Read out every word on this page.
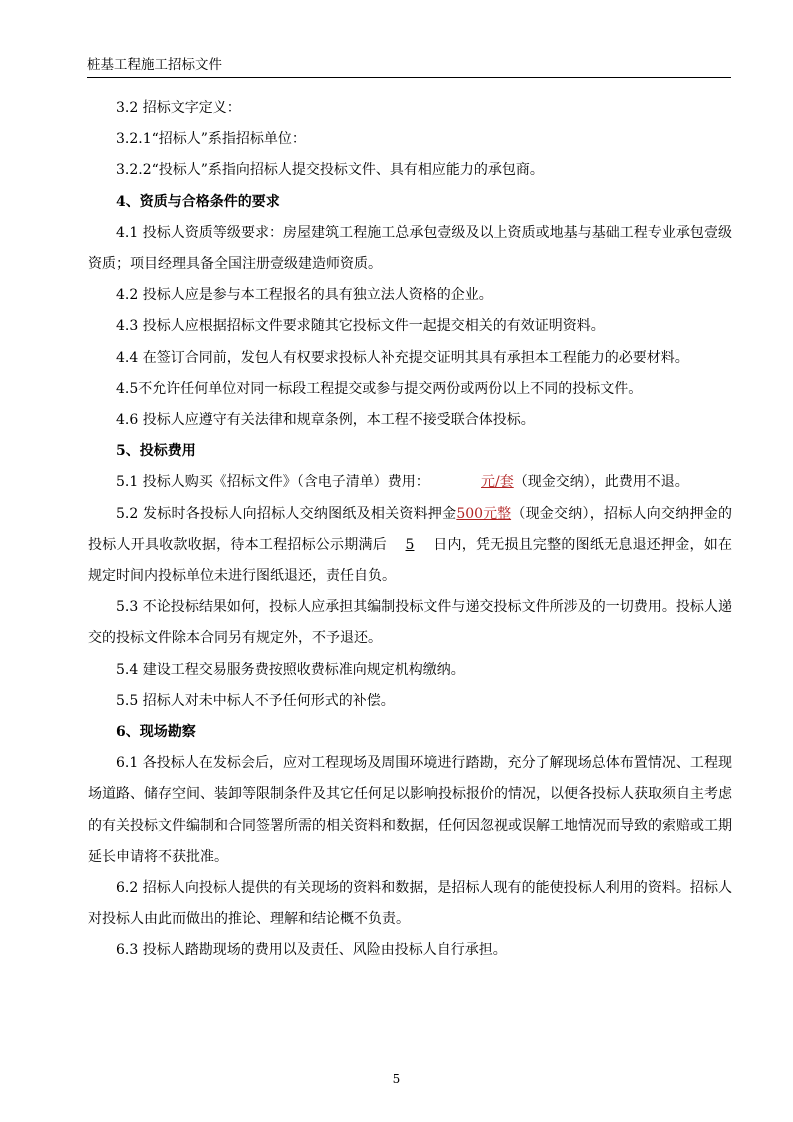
桩基工程施工招标文件

3.2 招标文字定义：

3.2.1“招标人”系指招标单位：

3.2.2“投标人”系指向招标人提交投标文件、具有相应能力的承包商。

4、资质与合格条件的要求

4.1 投标人资质等级要求：房屋建筑工程施工总承包壹级及以上资质或地基与基础工程专业承包壹级资质；项目经理具备全国注册壹级建造师资质。

4.2 投标人应是参与本工程报名的具有独立法人资格的企业。

4.3 投标人应根据招标文件要求随其它投标文件一起提交相关的有效证明资料。

4.4 在签订合同前，发包人有权要求投标人补充提交证明其具有承担本工程能力的必要材料。

4.5不允许任何单位对同一标段工程提交或参与提交两份或两份以上不同的投标文件。

4.6 投标人应遵守有关法律和规章条例，本工程不接受联合体投标。

5、投标费用

5.1 投标人购买《招标文件》（含电子清单）费用：	元/套（现金交纳），此费用不退。

5.2 发标时各投标人向招标人交纳图纸及相关资料押金500元整（现金交纳），招标人向交纳押金的投标人开具收款收据，待本工程招标公示期满后 5 日内，凭无损且完整的图纸无息退还押金，如在规定时间内投标单位未进行图纸退还，责任自负。

5.3 不论投标结果如何，投标人应承担其编制投标文件与递交投标文件所涉及的一切费用。投标人递交的投标文件除本合同另有规定外，不予退还。

5.4 建设工程交易服务费按照收费标准向规定机构缴纳。

5.5 招标人对未中标人不予任何形式的补偿。

6、现场勘察

6.1 各投标人在发标会后，应对工程现场及周围环境进行踏勘，充分了解现场总体布置情况、工程现场道路、储存空间、装卸等限制条件及其它任何足以影响投标报价的情况，以便各投标人获取须自主考虑的有关投标文件编制和合同签署所需的相关资料和数据，任何因忽视或误解工地情况而导致的索赔或工期延长申请将不获批准。

6.2 招标人向投标人提供的有关现场的资料和数据，是招标人现有的能使投标人利用的资料。招标人对投标人由此而做出的推论、理解和结论概不负责。

6.3 投标人踏勘现场的费用以及责任、风险由投标人自行承担。

5
